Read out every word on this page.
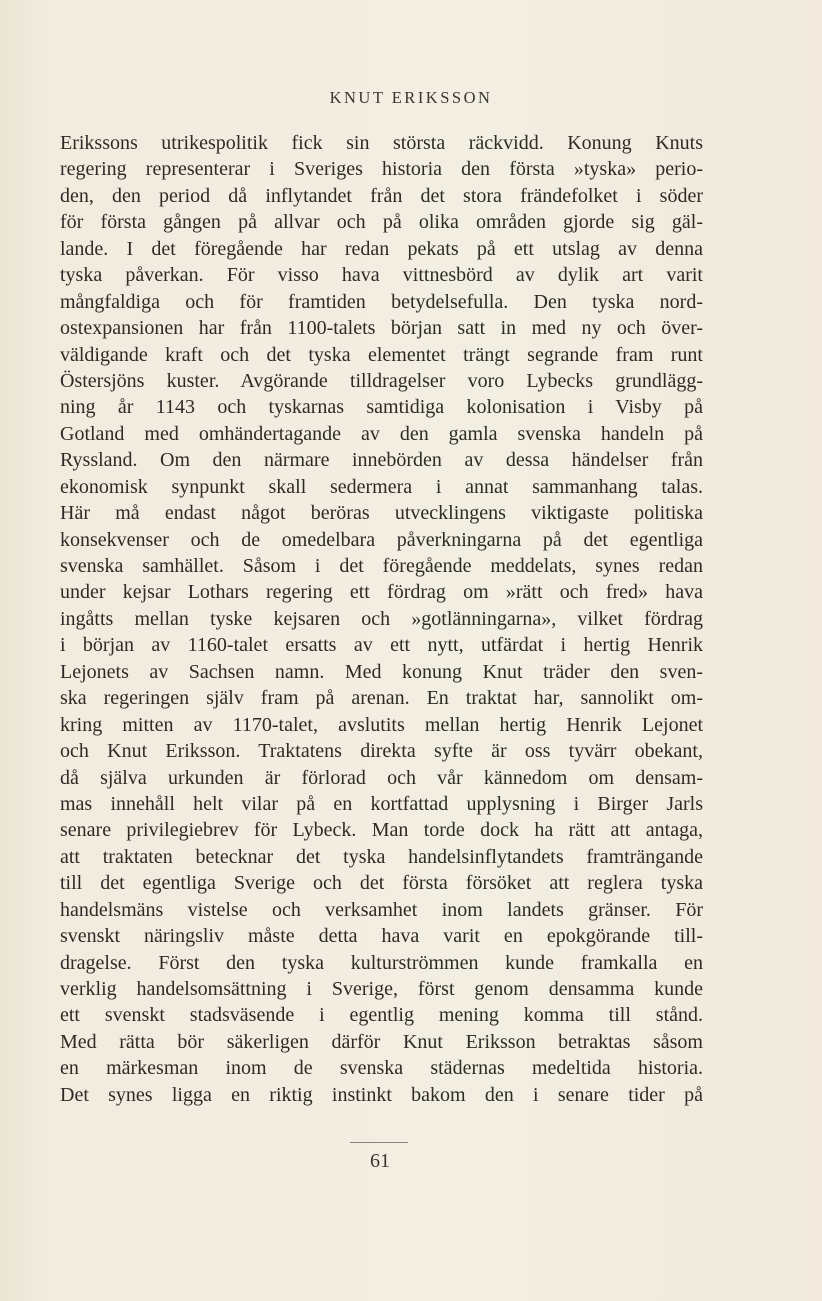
KNUT ERIKSSON
Erikssons utrikespolitik fick sin största räckvidd. Konung Knuts
regering representerar i Sveriges historia den första »tyska» perio-
den, den period då inflytandet från det stora frändefolket i söder
för första gången på allvar och på olika områden gjorde sig gäl-
lande. I det föregående har redan pekats på ett utslag av denna
tyska påverkan. För visso hava vittnesbörd av dylik art varit
mångfaldiga och för framtiden betydelsefulla. Den tyska nord-
ostexpansionen har från 1100-talets början satt in med ny och över-
väldigande kraft och det tyska elementet trängt segrande fram runt
Östersjöns kuster. Avgörande tilldragelser voro Lybecks grundlägg-
ning år 1143 och tyskarnas samtidiga kolonisation i Visby på
Gotland med omhändertagande av den gamla svenska handeln på
Ryssland. Om den närmare innebörden av dessa händelser från
ekonomisk synpunkt skall sedermera i annat sammanhang talas.
Här må endast något beröras utvecklingens viktigaste politiska
konsekvenser och de omedelbara påverkningarna på det egentliga
svenska samhället. Såsom i det föregående meddelats, synes redan
under kejsar Lothars regering ett fördrag om »rätt och fred» hava
ingåtts mellan tyske kejsaren och »gotlänningarna», vilket fördrag
i början av 1160-talet ersatts av ett nytt, utfärdat i hertig Henrik
Lejonets av Sachsen namn. Med konung Knut träder den sven-
ska regeringen själv fram på arenan. En traktat har, sannolikt om-
kring mitten av 1170-talet, avslutits mellan hertig Henrik Lejonet
och Knut Eriksson. Traktatens direkta syfte är oss tyvärr obekant,
då själva urkunden är förlorad och vår kännedom om densam-
mas innehåll helt vilar på en kortfattad upplysning i Birger Jarls
senare privilegiebrev för Lybeck. Man torde dock ha rätt att antaga,
att traktaten betecknar det tyska handelsinflytandets framträngande
till det egentliga Sverige och det första försöket att reglera tyska
handelsmäns vistelse och verksamhet inom landets gränser. För
svenskt näringsliv måste detta hava varit en epokgörande till-
dragelse. Först den tyska kulturströmmen kunde framkalla en
verklig handelsomsättning i Sverige, först genom densamma kunde
ett svenskt stadsväsende i egentlig mening komma till stånd.
Med rätta bör säkerligen därför Knut Eriksson betraktas såsom
en märkesman inom de svenska städernas medeltida historia.
Det synes ligga en riktig instinkt bakom den i senare tider på
61
